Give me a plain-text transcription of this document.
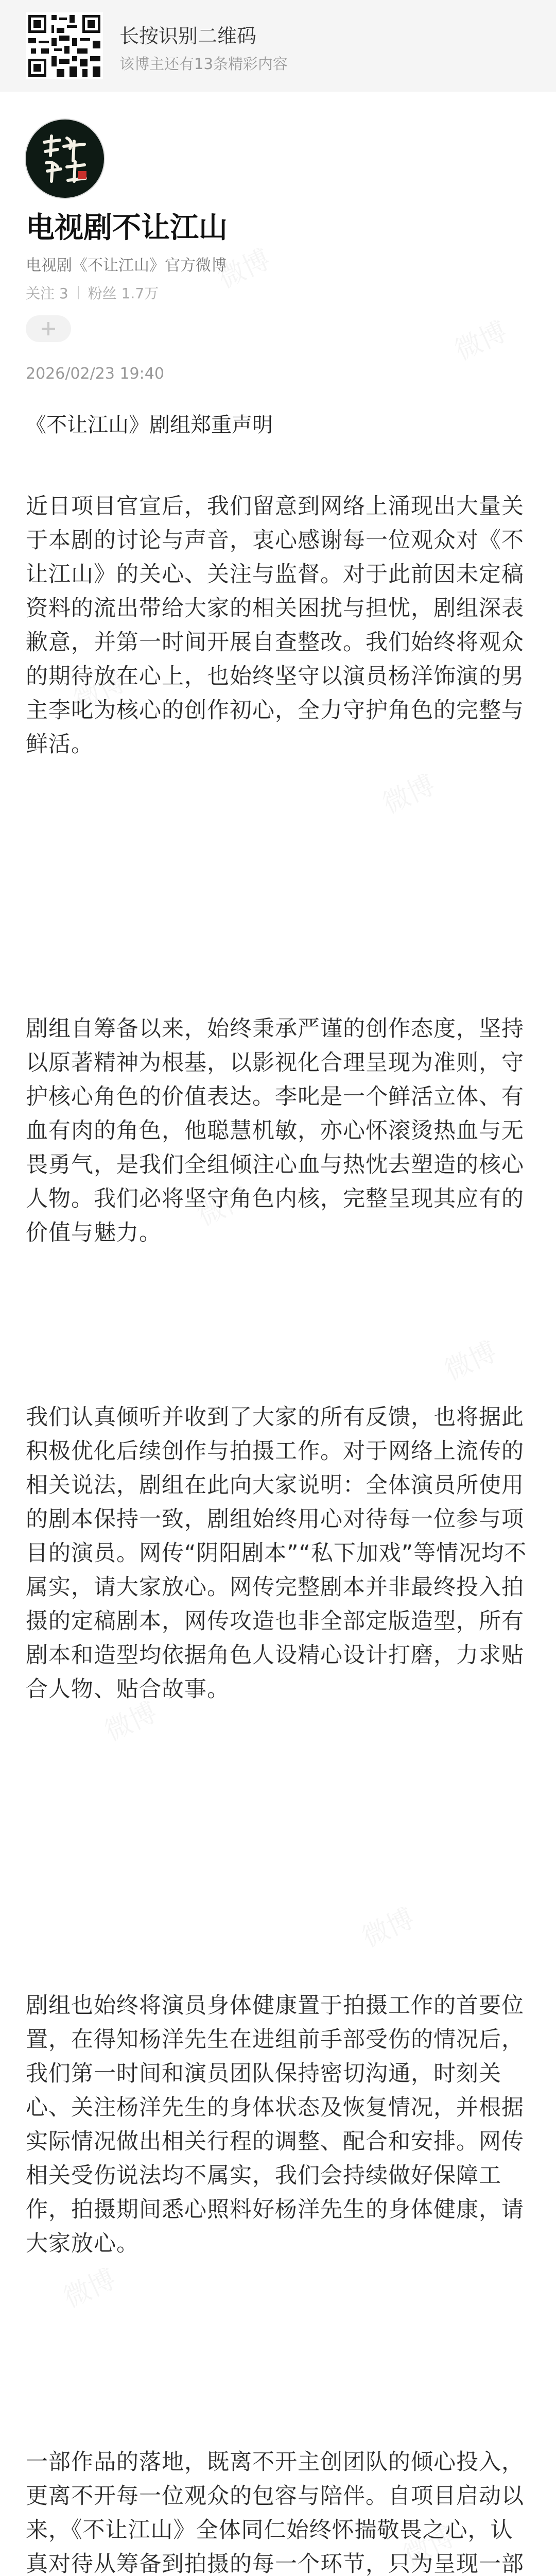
长按识别二维码
该博主还有13条精彩内容
电视剧不让江山
电视剧《不让江山》官方微博
关注 3 粉丝 1.7万
2026/02/23 19:40
《不让江山》剧组郑重声明
近日项目官宣后，我们留意到网络上涌现出大量关于本剧的讨论与声音，衷心感谢每一位观众对《不让江山》的关心、关注与监督。对于此前因未定稿资料的流出带给大家的相关困扰与担忧，剧组深表歉意，并第一时间开展自查整改。我们始终将观众的期待放在心上，也始终坚守以演员杨洋饰演的男主李叱为核心的创作初心，全力守护角色的完整与鲜活。
剧组自筹备以来，始终秉承严谨的创作态度，坚持以原著精神为根基，以影视化合理呈现为准则，守护核心角色的价值表达。李叱是一个鲜活立体、有血有肉的角色，他聪慧机敏，亦心怀滚烫热血与无畏勇气，是我们全组倾注心血与热忱去塑造的核心人物。我们必将坚守角色内核，完整呈现其应有的价值与魅力。
我们认真倾听并收到了大家的所有反馈，也将据此积极优化后续创作与拍摄工作。对于网络上流传的相关说法，剧组在此向大家说明：全体演员所使用的剧本保持一致，剧组始终用心对待每一位参与项目的演员。网传“阴阳剧本”“私下加戏”等情况均不属实，请大家放心。网传完整剧本并非最终投入拍摄的定稿剧本，网传攻造也非全部定版造型，所有剧本和造型均依据角色人设精心设计打磨，力求贴合人物、贴合故事。
剧组也始终将演员身体健康置于拍摄工作的首要位置，在得知杨洋先生在进组前手部受伤的情况后，我们第一时间和演员团队保持密切沟通，时刻关心、关注杨洋先生的身体状态及恢复情况，并根据实际情况做出相关行程的调整、配合和安排。网传相关受伤说法均不属实，我们会持续做好保障工作，拍摄期间悉心照料好杨洋先生的身体健康，请大家放心。
一部作品的落地，既离不开主创团队的倾心投入，更离不开每一位观众的包容与陪伴。自项目启动以来，《不让江山》全体同仁始终怀揣敬畏之心，认真对待从筹备到拍摄的每一个环节，只为呈现一部
